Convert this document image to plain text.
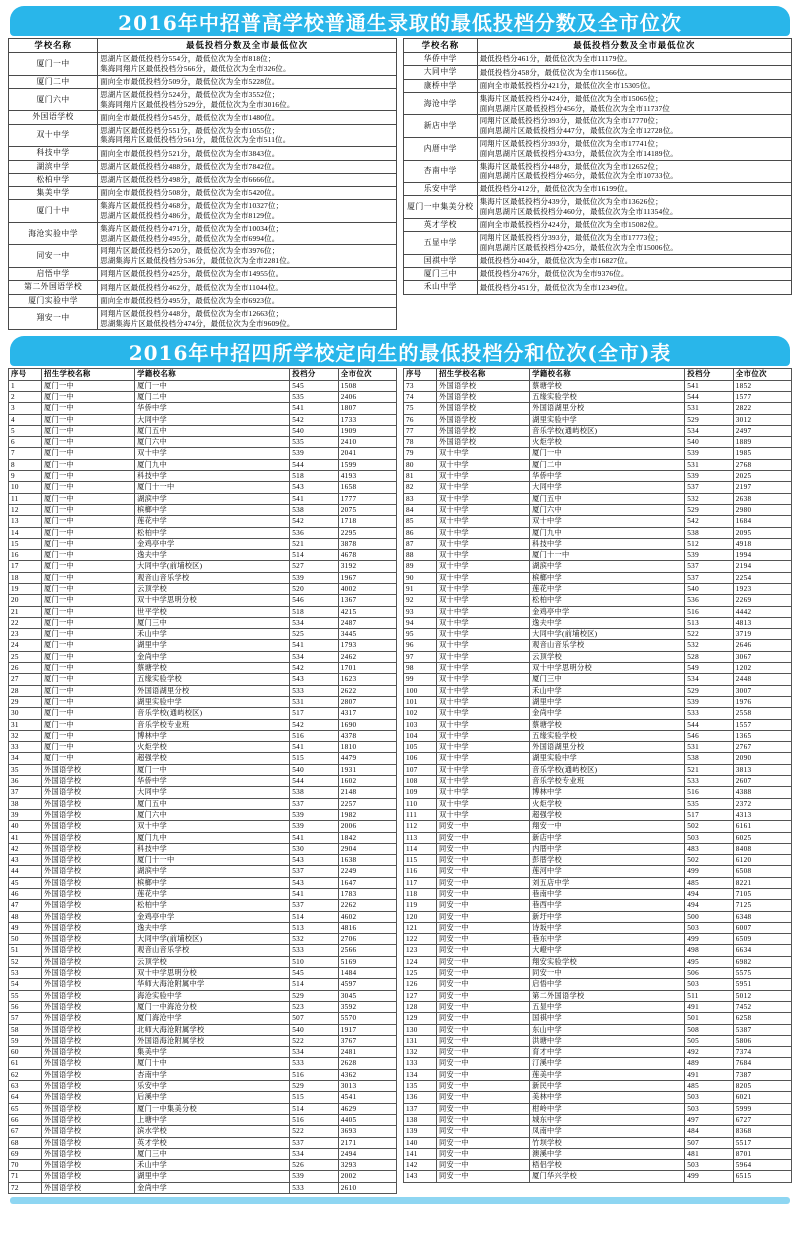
2016年中招普高学校普通生录取的最低投档分数及全市位次
学校名称	最低投档分数及全市最低位次
厦门一中	思湖片区最低投档分554分，最低位次为全市818位；
集海同翔片区最低投档分566分，最低位次为全市326位。

厦门二中	面向全市最低投档分509分，最低位次为全市5228位。

厦门六中	思湖片区最低投档分524分，最低位次为全市3552位；
集海同翔片区最低投档分529分，最低位次为全市3016位。

外国语学校	面向全市最低投档分545分，最低位次为全市1480位。

双十中学	思湖片区最低投档分551分，最低位次为全市1055位；
集海同翔片区最低投档分561分，最低位次为全市511位。

科技中学	面向全市最低投档分521分，最低位次为全市3843位。

湖滨中学	思湖片区最低投档分488分，最低位次为全市7842位。

松柏中学	思湖片区最低投档分498分，最低位次为全市6666位。

集美中学	面向全市最低投档分508分，最低位次为全市5420位。

厦门十中	集海片区最低投档分468分，最低位次为全市10327位；
思湖片区最低投档分486分，最低位次为全市8129位。

海沧实验中学	集海片区最低投档分471分，最低位次为全市10034位；
思湖片区最低投档分495分，最低位次为全市6994位。

同安一中	同翔片区最低投档分520分，最低位次为全市3976位；
思湖集海片区最低投档分536分，最低位次为全市2281位。

启悟中学	同翔片区最低投档分425分，最低位次为全市14955位。

第二外国语学校	同翔片区最低投档分462分，最低位次为全市11044位。

厦门实验中学	面向全市最低投档分495分，最低位次为全市6923位。

翔安一中	同翔片区最低投档分448分，最低位次为全市12663位；
思湖集海片区最低投档分474分，最低位次为全市9609位。
学校名称	最低投档分数及全市最低位次
华侨中学	最低投档分461分，最低位次为全市11179位。

大同中学	最低投档分458分，最低位次为全市11566位。

康桥中学	面向全市最低投档分421分，最低位次全市15305位。

海沧中学	集海片区最低投档分424分，最低位次为全市15065位；
面向思湖片区最低投档分456分，最低位次为全市11737位

新店中学	同翔片区最低投档分393分，最低位次为全市17770位；
面向思湖片区最低投档分447分，最低位次为全市12728位。

内厝中学	同翔片区最低投档分393分，最低位次为全市17741位；
面向思湖片区最低投档分433分，最低位次为全市14189位。

杏南中学	集海片区最低投档分448分，最低位次为全市12652位；
面向思湖片区最低投档分465分，最低位次为全市10733位。

乐安中学	最低投档分412分，最低位次为全市16199位。

厦门一中集美分校	集海片区最低投档分439分，最低位次为全市13626位；
面向思湖片区最低投档分460分，最低位次为全市11354位。

英才学校	面向全市最低投档分424分，最低位次为全市15082位。

五显中学	同翔片区最低投档分393分，最低位次为全市17773位；
面向思湖片区最低投档分425分，最低位次为全市15006位。

国祺中学	最低投档分404分，最低位次为全市16827位。

厦门三中	最低投档分476分，最低位次为全市9376位。

禾山中学	最低投档分451分，最低位次为全市12349位。
2016年中招四所学校定向生的最低投档分和位次(全市)表
序号	招生学校名称	学籍校名称	投档分	全市位次
1	厦门一中	厦门一中	545	1508
2	厦门一中	厦门二中	535	2406
3	厦门一中	华侨中学	541	1807
4	厦门一中	大同中学	542	1733
5	厦门一中	厦门五中	540	1909
6	厦门一中	厦门六中	535	2410
7	厦门一中	双十中学	539	2041
8	厦门一中	厦门九中	544	1599
9	厦门一中	科技中学	518	4193
10	厦门一中	厦门十一中	543	1658
11	厦门一中	湖滨中学	541	1777
12	厦门一中	槟榔中学	538	2075
13	厦门一中	莲花中学	542	1718
14	厦门一中	松柏中学	536	2295
15	厦门一中	金鸡亭中学	521	3878
16	厦门一中	逸夫中学	514	4678
17	厦门一中	大同中学(前埔校区)	527	3192
18	厦门一中	观音山音乐学校	539	1967
19	厦门一中	云顶学校	520	4002
20	厦门一中	双十中学思明分校	546	1367
21	厦门一中	世平学校	518	4215
22	厦门一中	厦门三中	534	2487
23	厦门一中	禾山中学	525	3445
24	厦门一中	湖里中学	541	1793
25	厦门一中	金尚中学	534	2462
26	厦门一中	蔡塘学校	542	1701
27	厦门一中	五缘实验学校	543	1623
28	厦门一中	外国语湖里分校	533	2622
29	厦门一中	湖里实验中学	531	2807
30	厦门一中	音乐学校(通屿校区)	517	4317
31	厦门一中	音乐学校专业班	542	1690
32	厦门一中	博林中学	516	4378
33	厦门一中	火炬学校	541	1810
34	厦门一中	超强学校	515	4479
35	外国语学校	厦门一中	540	1931
36	外国语学校	华侨中学	544	1602
37	外国语学校	大同中学	538	2148
38	外国语学校	厦门五中	537	2257
39	外国语学校	厦门六中	539	1982
40	外国语学校	双十中学	539	2006
41	外国语学校	厦门九中	541	1842
42	外国语学校	科技中学	530	2904
43	外国语学校	厦门十一中	543	1638
44	外国语学校	湖滨中学	537	2249
45	外国语学校	槟榔中学	543	1647
46	外国语学校	莲花中学	541	1783
47	外国语学校	松柏中学	537	2262
48	外国语学校	金鸡亭中学	514	4602
49	外国语学校	逸夫中学	513	4816
50	外国语学校	大同中学(前埔校区)	532	2706
51	外国语学校	观音山音乐学校	533	2566
52	外国语学校	云顶学校	510	5169
53	外国语学校	双十中学思明分校	545	1484
54	外国语学校	华师大海沧附属中学	514	4597
55	外国语学校	海沧实验中学	529	3045
56	外国语学校	厦门一中海沧分校	523	3592
57	外国语学校	厦门海沧中学	507	5570
58	外国语学校	北师大海沧附属学校	540	1917
59	外国语学校	外国语海沧附属学校	522	3767
60	外国语学校	集美中学	534	2481
61	外国语学校	厦门十中	533	2628
62	外国语学校	杏南中学	516	4362
63	外国语学校	乐安中学	529	3013
64	外国语学校	后溪中学	515	4541
65	外国语学校	厦门一中集美分校	514	4629
66	外国语学校	上塘中学	516	4405
67	外国语学校	滨水学校	522	3693
68	外国语学校	英才学校	537	2171
69	外国语学校	厦门三中	534	2494
70	外国语学校	禾山中学	526	3293
71	外国语学校	湖里中学	539	2002
72	外国语学校	金尚中学	533	2610
序号	招生学校名称	学籍校名称	投档分	全市位次
73	外国语学校	蔡塘学校	541	1852
74	外国语学校	五缘实验学校	544	1577
75	外国语学校	外国语湖里分校	531	2822
76	外国语学校	湖里实验中学	529	3012
77	外国语学校	音乐学校(通屿校区)	534	2497
78	外国语学校	火炬学校	540	1889
79	双十中学	厦门一中	539	1985
80	双十中学	厦门二中	531	2768
81	双十中学	华侨中学	539	2025
82	双十中学	大同中学	537	2197
83	双十中学	厦门五中	532	2638
84	双十中学	厦门六中	529	2980
85	双十中学	双十中学	542	1684
86	双十中学	厦门九中	538	2095
87	双十中学	科技中学	512	4918
88	双十中学	厦门十一中	539	1994
89	双十中学	湖滨中学	537	2194
90	双十中学	槟榔中学	537	2254
91	双十中学	莲花中学	540	1923
92	双十中学	松柏中学	536	2269
93	双十中学	金鸡亭中学	516	4442
94	双十中学	逸夫中学	513	4813
95	双十中学	大同中学(前埔校区)	522	3719
96	双十中学	观音山音乐学校	532	2646
97	双十中学	云顶学校	528	3067
98	双十中学	双十中学思明分校	549	1202
99	双十中学	厦门三中	534	2448
100	双十中学	禾山中学	529	3007
101	双十中学	湖里中学	539	1976
102	双十中学	金尚中学	533	2558
103	双十中学	蔡塘学校	544	1557
104	双十中学	五缘实验学校	546	1365
105	双十中学	外国语湖里分校	531	2767
106	双十中学	湖里实验中学	538	2090
107	双十中学	音乐学校(通屿校区)	521	3813
108	双十中学	音乐学校专业班	533	2607
109	双十中学	博林中学	516	4388
110	双十中学	火炬学校	535	2372
111	双十中学	超强学校	517	4313
112	同安一中	翔安一中	502	6161
113	同安一中	新店中学	503	6025
114	同安一中	内厝中学	483	8408
115	同安一中	彭厝学校	502	6120
116	同安一中	莲河中学	499	6508
117	同安一中	刘五店中学	485	8221
118	同安一中	巷南中学	494	7105
119	同安一中	巷西中学	494	7125
120	同安一中	新圩中学	500	6348
121	同安一中	诗坂中学	503	6007
122	同安一中	巷东中学	499	6509
123	同安一中	大嶝中学	498	6634
124	同安一中	翔安实验学校	495	6982
125	同安一中	同安一中	506	5575
126	同安一中	启悟中学	503	5951
127	同安一中	第二外国语学校	511	5012
128	同安一中	五显中学	491	7452
129	同安一中	国祺中学	501	6258
130	同安一中	东山中学	508	5387
131	同安一中	洪塘中学	505	5806
132	同安一中	育才中学	492	7374
133	同安一中	汀溪中学	489	7684
134	同安一中	莲美中学	491	7387
135	同安一中	新民中学	485	8205
136	同安一中	美林中学	503	6021
137	同安一中	柑岭中学	503	5999
138	同安一中	城东中学	497	6727
139	同安一中	凤南中学	484	8368
140	同安一中	竹坝学校	507	5517
141	同安一中	澳溪中学	481	8701
142	同安一中	梧侣学校	503	5964
143	同安一中	厦门华兴学校	499	6515
